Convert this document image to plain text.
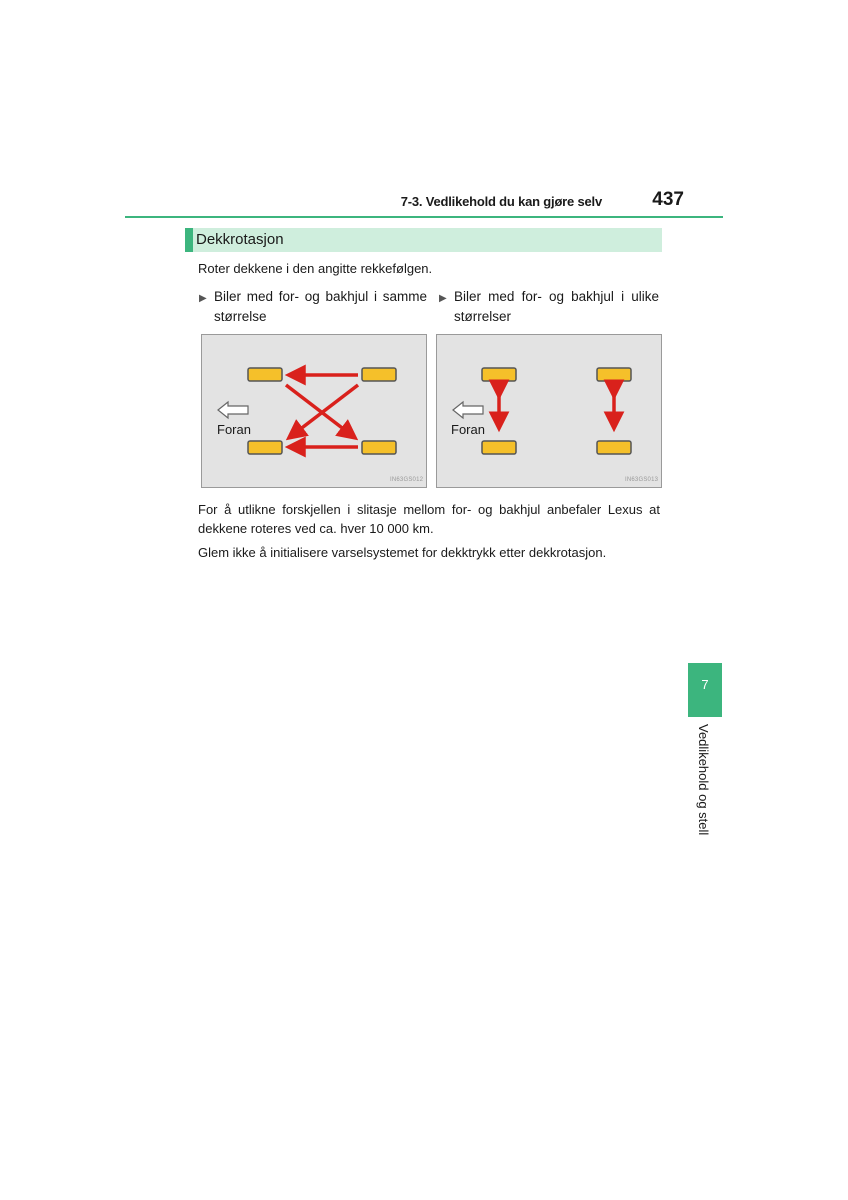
7-3. Vedlikehold du kan gjøre selv	437
Dekkrotasjon
Roter dekkene i den angitte rekkefølgen.
▶ Biler med for- og bakhjul i samme størrelse
▶ Biler med for- og bakhjul i ulike størrelser
Foran
IN63GS012
Foran
IN63GS013
For å utlikne forskjellen i slitasje mellom for- og bakhjul anbefaler Lexus at dekkene roteres ved ca. hver 10 000 km.
Glem ikke å initialisere varselsystemet for dekktrykk etter dekkrotasjon.
7
Vedlikehold og stell
